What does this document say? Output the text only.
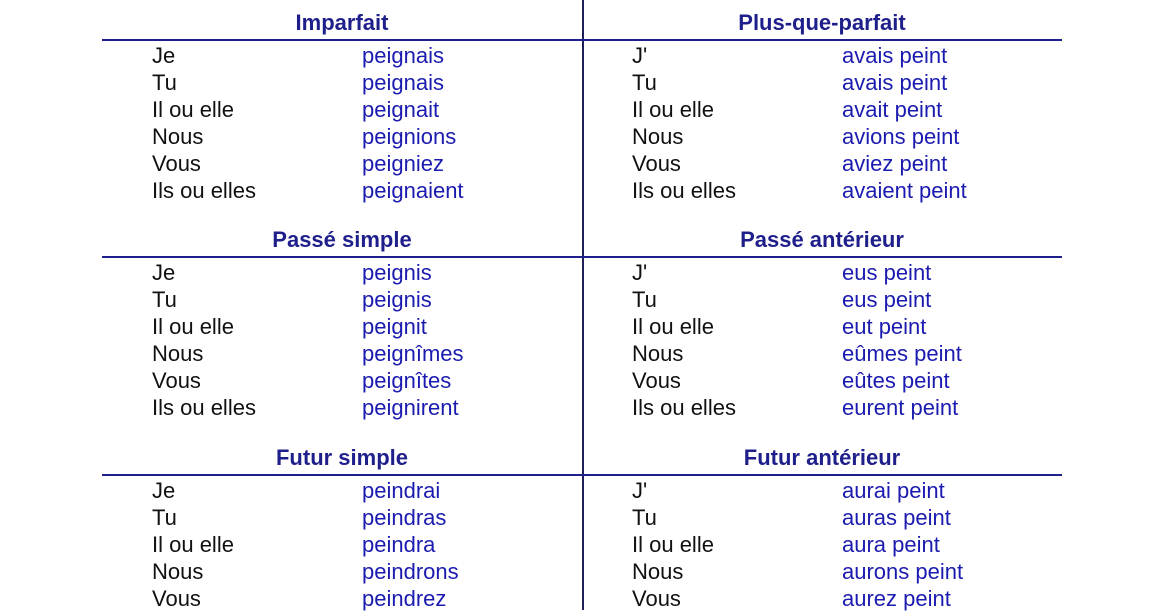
Imparfait
Je	peignais
Tu	peignais
Il ou elle	peignait
Nous	peignions
Vous	peigniez
Ils ou elles	peignaient
Plus-que-parfait
J'	avais peint
Tu	avais peint
Il ou elle	avait peint
Nous	avions peint
Vous	aviez peint
Ils ou elles	avaient peint
Passé simple
Je	peignis
Tu	peignis
Il ou elle	peignit
Nous	peignîmes
Vous	peignîtes
Ils ou elles	peignirent
Passé antérieur
J'	eus peint
Tu	eus peint
Il ou elle	eut peint
Nous	eûmes peint
Vous	eûtes peint
Ils ou elles	eurent peint
Futur simple
Je	peindrai
Tu	peindras
Il ou elle	peindra
Nous	peindrons
Vous	peindrez
Futur antérieur
J'	aurai peint
Tu	auras peint
Il ou elle	aura peint
Nous	aurons peint
Vous	aurez peint
